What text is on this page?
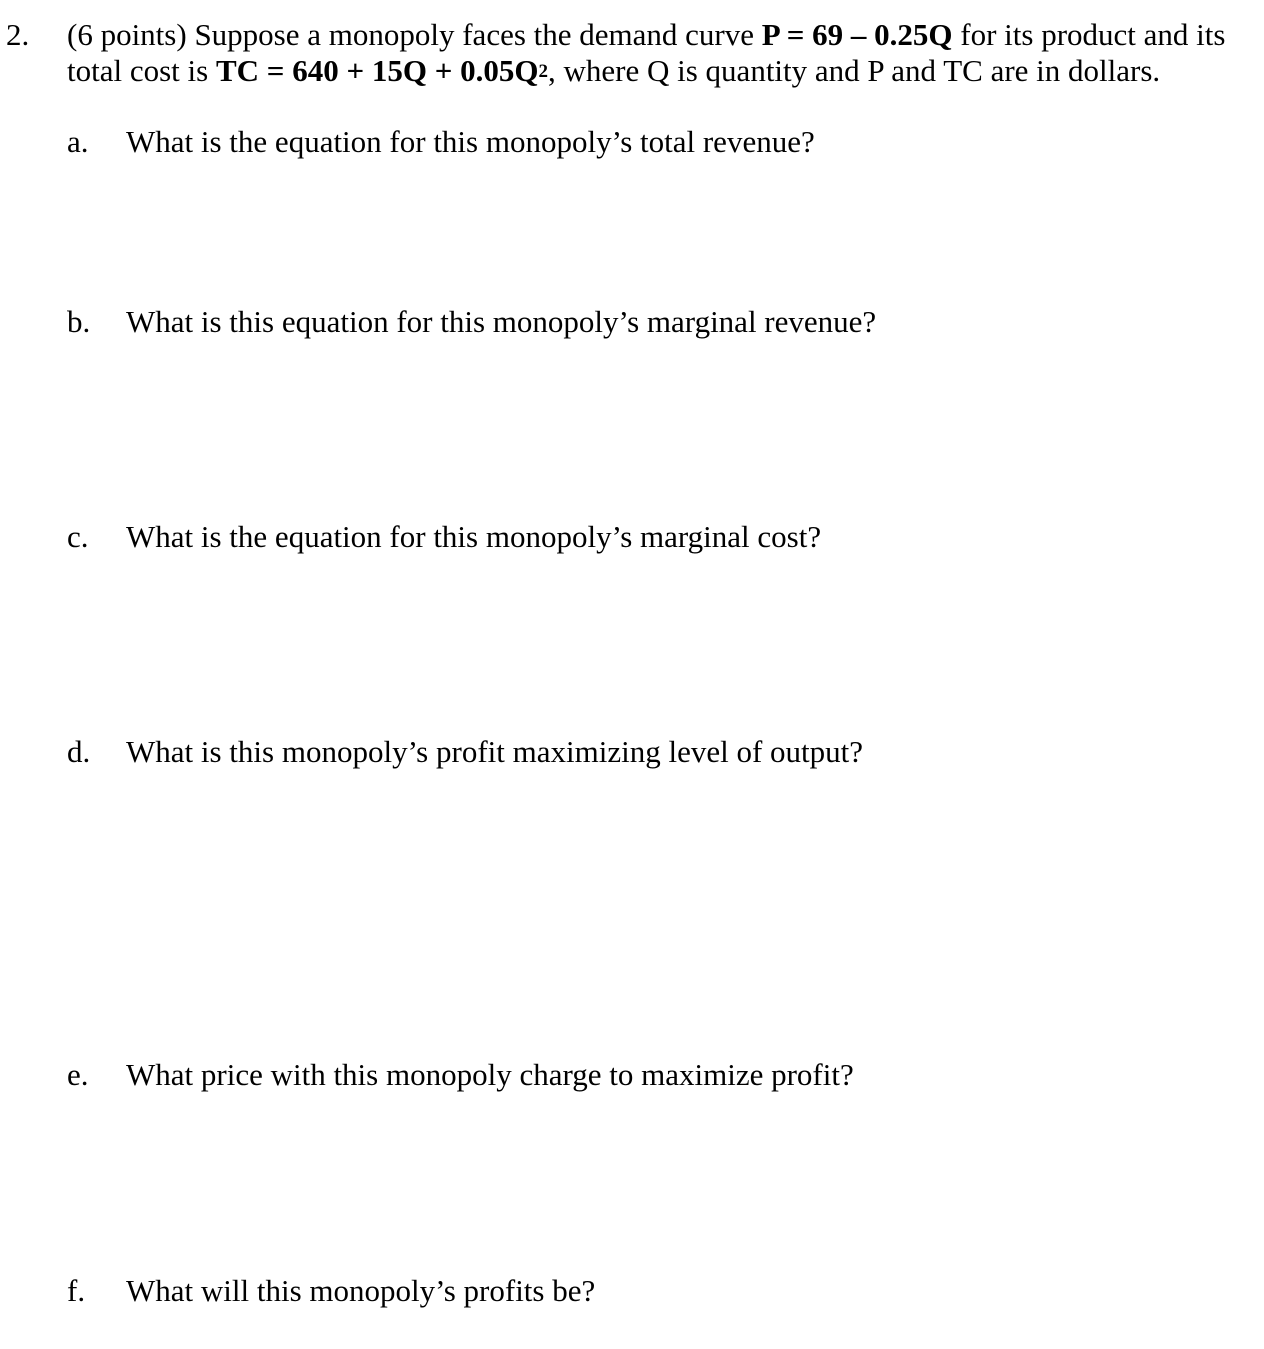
2. (6 points) Suppose a monopoly faces the demand curve P = 69 – 0.25Q for its product and its
total cost is TC = $640 + 15Q + 0.05Q^2$, where Q is quantity and P and TC are in dollars.
a. What is the equation for this monopoly’s total revenue?
b. What is this equation for this monopoly’s marginal revenue?
c. What is the equation for this monopoly’s marginal cost?
d. What is this monopoly’s profit maximizing level of output?
e. What price with this monopoly charge to maximize profit?
f. What will this monopoly’s profits be?
